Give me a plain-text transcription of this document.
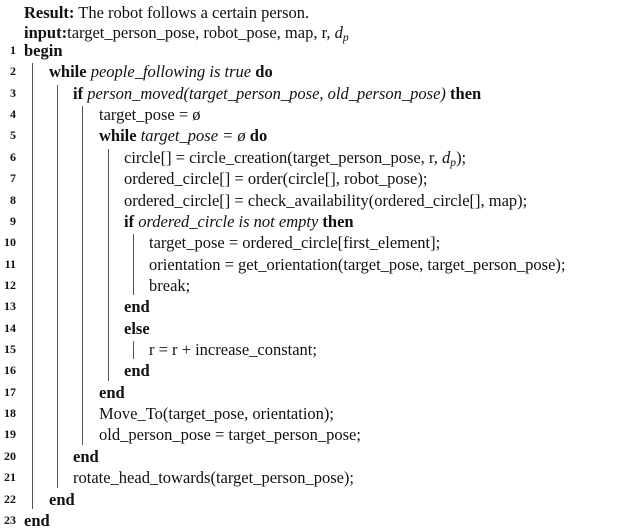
Result: The robot follows a certain person.
input:target_person_pose, robot_pose, map, r, $d_p$
1 begin
2 while people_following is true do
3	if person_moved(target_person_pose, old_person_pose) then
4	target_pose = ø
5	while target_pose = ø do
6	circle[] = circle_creation(target_person_pose, r, $d_p$);
7	ordered_circle[] = order(circle[], robot_pose);
8	ordered_circle[] = check_availability(ordered_circle[], map);
9	if ordered_circle is not empty then
10	target_pose = ordered_circle[first_element];
11	orientation = get_orientation(target_pose, target_person_pose);
12	break;
13	end
14	else
15	r = r + increase_constant;
16	end
17	end
18	Move_To(target_pose, orientation);
19	old_person_pose = target_person_pose;
20	end
21	rotate_head_towards(target_person_pose);
22 end
23 end
